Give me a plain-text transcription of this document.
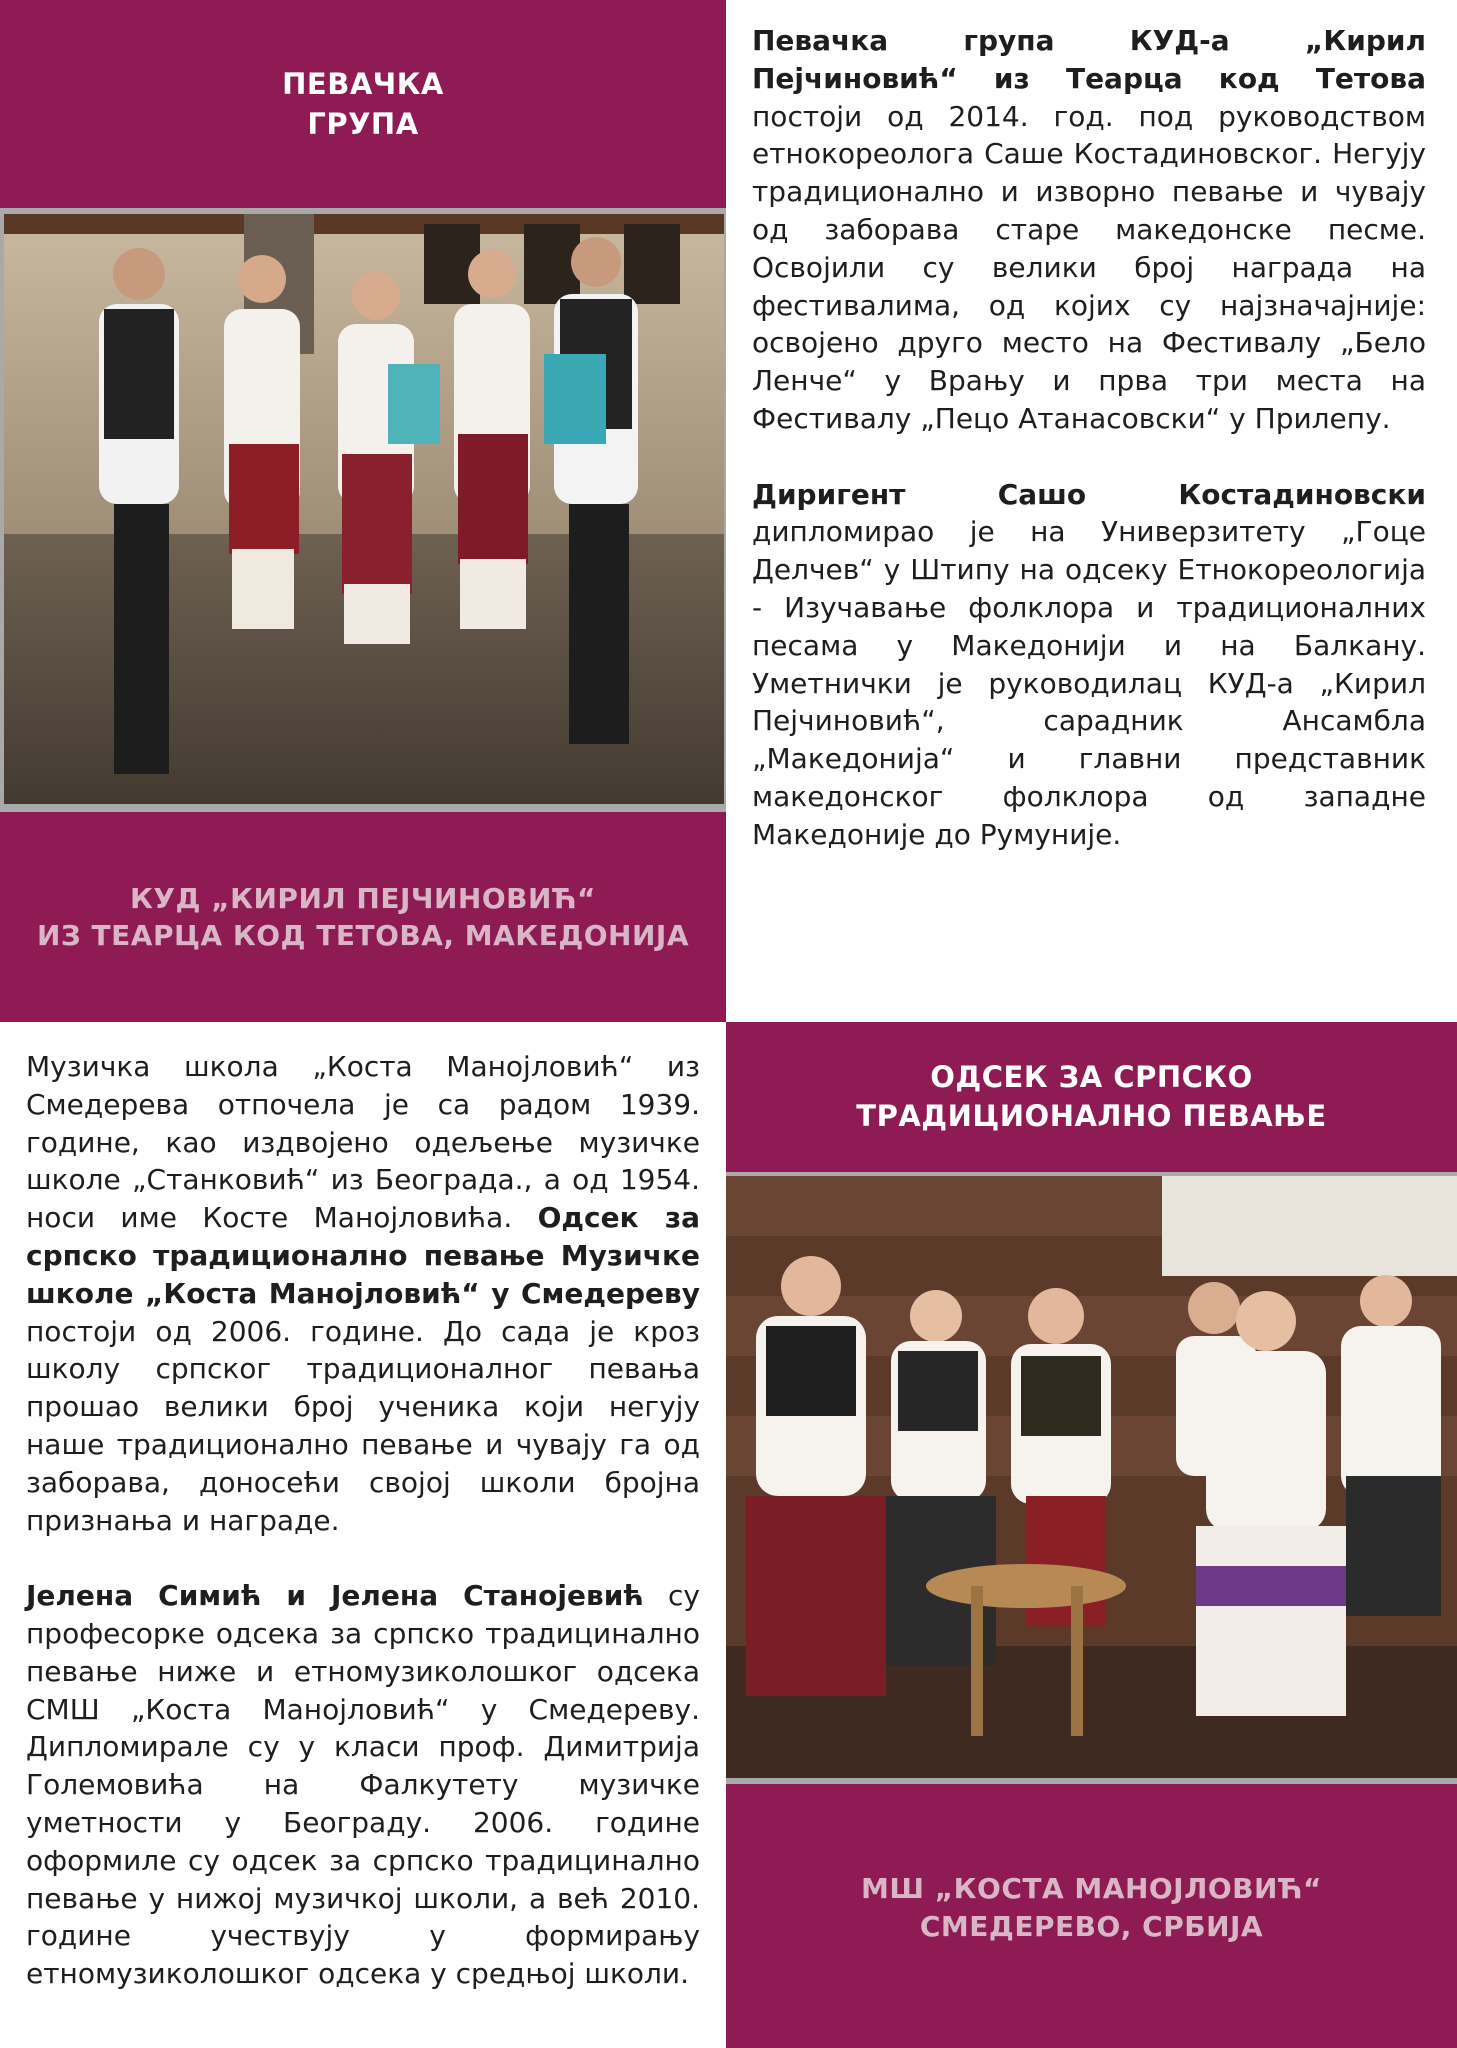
ПЕВАЧКА
ГРУПА
КУД „КИРИЛ ПЕЈЧИНОВИЋ“
ИЗ ТЕАРЦА КОД ТЕТОВА, МАКЕДОНИЈА

Певачка група КУД-а „Кирил Пејчиновић“ из Теарца код Тетова постоји од 2014. год. под руководством етнокореолога Саше Костадиновског. Негују традиционално и изворно певање и чувају од заборава старе македонске песме. Освојили су велики број награда на фестивалима, од којих су најзначајније: освојено друго место на Фестивалу „Бело Ленче“ у Врању и прва три места на Фестивалу „Пецо Атанасовски“ у Прилепу.

Диригент Сашо Костадиновски дипломирао је на Универзитету „Гоце Делчев“ у Штипу на одсеку Етнокореологија - Изучавање фолклора и традиционалних песама у Македонији и на Балкану. Уметнички је руководилац КУД-а „Кирил Пејчиновић“, сарадник Ансамбла „Македонија“ и главни представник македонског фолклора од западне Македоније до Румуније.

Музичка школа „Коста Манојловић“ из Смедерева отпочела је са радом 1939. године, као издвојено одељење музичке школе „Станковић“ из Београда., а од 1954. носи име Косте Манојловића. Одсек за српско традиционално певање Музичке школе „Коста Манојловић“ у Смедереву постоји од 2006. године. До сада је кроз школу српског традиционалног певања прошао велики број ученика који негују наше традиционално певање и чувају га од заборава, доносећи својој школи бројна признања и награде.

Јелена Симић и Јелена Станојевић су професорке одсека за српско традицинално певање ниже и етномузиколошког одсека СМШ „Коста Манојловић“ у Смедереву. Дипломирале су у класи проф. Димитрија Големовића на Фалкутету музичке уметности у Београду. 2006. године оформиле су одсек за српско традицинално певање у нижој музичкој школи, а већ 2010. године учествују у формирању етномузиколошког одсека у средњој школи.

ОДСЕК ЗА СРПСКО
ТРАДИЦИОНАЛНО ПЕВАЊЕ
МШ „КОСТА МАНОЈЛОВИЋ“
СМЕДЕРЕВО, СРБИЈА
